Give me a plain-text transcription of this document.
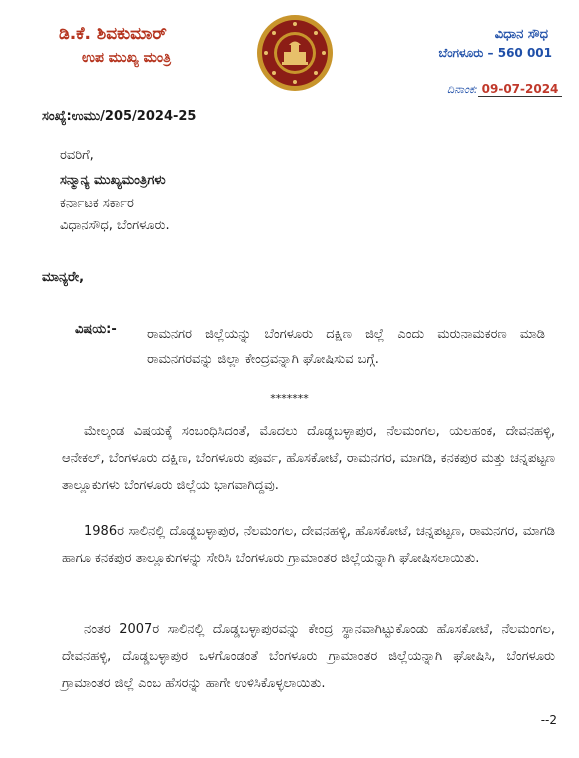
ಡಿ.ಕೆ. ಶಿವಕುಮಾರ್
ಉಪ ಮುಖ್ಯ ಮಂತ್ರಿ
ವಿಧಾನ ಸೌಧ
ಬೆಂಗಳೂರು – 560 001
ದಿನಾಂಕ: 09-07-2024
ಸಂಖ್ಯೆ:ಉಮು/205/2024-25
ರವರಿಗೆ,
ಸನ್ಮಾನ್ಯ ಮುಖ್ಯಮಂತ್ರಿಗಳು
ಕರ್ನಾಟಕ ಸರ್ಕಾರ
ವಿಧಾನಸೌಧ, ಬೆಂಗಳೂರು.
ಮಾನ್ಯರೇ,
ವಿಷಯ:- ರಾಮನಗರ ಜಿಲ್ಲೆಯನ್ನು ಬೆಂಗಳೂರು ದಕ್ಷಿಣ ಜಿಲ್ಲೆ ಎಂದು ಮರುನಾಮಕರಣ ಮಾಡಿ ರಾಮನಗರವನ್ನು ಜಿಲ್ಲಾ ಕೇಂದ್ರವನ್ನಾಗಿ ಘೋಷಿಸುವ ಬಗ್ಗೆ.
*******
ಮೇಲ್ಕಂಡ ವಿಷಯಕ್ಕೆ ಸಂಬಂಧಿಸಿದಂತೆ, ಮೊದಲು ದೊಡ್ಡಬಳ್ಳಾಪುರ, ನೆಲಮಂಗಲ, ಯಲಹಂಕ, ದೇವನಹಳ್ಳಿ, ಆನೇಕಲ್, ಬೆಂಗಳೂರು ದಕ್ಷಿಣ, ಬೆಂಗಳೂರು ಪೂರ್ವ, ಹೊಸಕೋಟೆ, ರಾಮನಗರ, ಮಾಗಡಿ, ಕನಕಪುರ ಮತ್ತು ಚನ್ನಪಟ್ಟಣ ತಾಲ್ಲೂಕುಗಳು ಬೆಂಗಳೂರು ಜಿಲ್ಲೆಯ ಭಾಗವಾಗಿದ್ದವು.
1986ರ ಸಾಲಿನಲ್ಲಿ ದೊಡ್ಡಬಳ್ಳಾಪುರ, ನೆಲಮಂಗಲ, ದೇವನಹಳ್ಳಿ, ಹೊಸಕೋಟೆ, ಚನ್ನಪಟ್ಟಣ, ರಾಮನಗರ, ಮಾಗಡಿ ಹಾಗೂ ಕನಕಪುರ ತಾಲ್ಲೂಕುಗಳನ್ನು ಸೇರಿಸಿ ಬೆಂಗಳೂರು ಗ್ರಾಮಾಂತರ ಜಿಲ್ಲೆಯನ್ನಾಗಿ ಘೋಷಿಸಲಾಯಿತು.
ನಂತರ 2007ರ ಸಾಲಿನಲ್ಲಿ ದೊಡ್ಡಬಳ್ಳಾಪುರವನ್ನು ಕೇಂದ್ರ ಸ್ಥಾನವಾಗಿಟ್ಟುಕೊಂಡು ಹೊಸಕೋಟೆ, ನೆಲಮಂಗಲ, ದೇವನಹಳ್ಳಿ, ದೊಡ್ಡಬಳ್ಳಾಪುರ ಒಳಗೊಂಡಂತೆ ಬೆಂಗಳೂರು ಗ್ರಾಮಾಂತರ ಜಿಲ್ಲೆಯನ್ನಾಗಿ ಘೋಷಿಸಿ, ಬೆಂಗಳೂರು ಗ್ರಾಮಾಂತರ ಜಿಲ್ಲೆ ಎಂಬ ಹೆಸರನ್ನು ಹಾಗೇ ಉಳಿಸಿಕೊಳ್ಳಲಾಯಿತು.
--2
